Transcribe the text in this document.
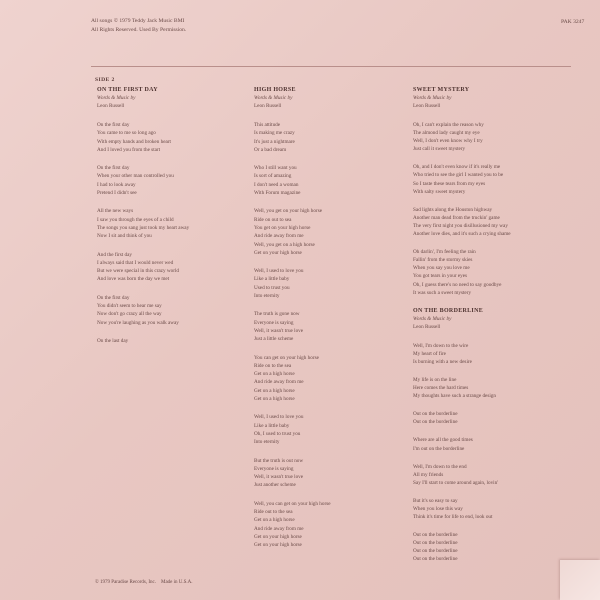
All songs © 1979 Teddy Jack Music BMI
All Rights Reserved. Used By Permission.
PAK 3247
SIDE 2
ON THE FIRST DAY
Words & Music by
Leon Russell
On the first day
You came to me so long ago
With empty hands and broken heart
And I loved you from the start
On the first day
When your other man controlled you
I had to look away
Pretend I didn't see
All the new ways
I saw you through the eyes of a child
The songs you sang just took my heart away
Now I sit and think of you
And the first day
I always said that I would never wed
But we were special in this crazy world
And love was born the day we met
On the first day
You didn't seem to hear me say
Now don't go crazy all the way
Now you're laughing as you walk away
On the last day
HIGH HORSE
Words & Music by
Leon Russell
This attitude
Is making me crazy
It's just a nightmare
Or a bad dream
Who I still want you
Is sort of amazing
I don't need a woman
With Forum magazine
Well, you get on your high horse
Ride on out to sea
You get on your high horse
And ride away from me
Well, you get on a high horse
Get on your high horse
Well, I used to love you
Like a little baby
Used to trust you
Into eternity
The truth is gone now
Everyone is saying
Well, it wasn't true love
Just a little scheme
You can get on your high horse
Ride on to the sea
Get on a high horse
And ride away from me
Get on a high horse
Get on a high horse
Well, I used to love you
Like a little baby
Oh, I used to trust you
Into eternity
But the truth is out now
Everyone is saying
Well, it wasn't true love
Just another scheme
Well, you can get on your high horse
Ride out to the sea
Get on a high horse
And ride away from me
Get on your high horse
Get on your high horse
SWEET MYSTERY
Words & Music by
Leon Russell
Oh, I can't explain the reason why
The almond lady caught my eye
Well, I don't even know why I try
Just call it sweet mystery
Oh, and I don't even know if it's really me
Who tried to see the girl I wanted you to be
So I taste these tears from my eyes
With salty sweet mystery
Sad lights along the Houston highway
Another man dead from the truckin' game
The very first night you disillusioned my way
Another love dies, and it's such a crying shame
Oh darlin', I'm feeling the rain
Fallin' from the stormy skies
When you say you love me
You got tears in your eyes
Oh, I guess there's no need to say goodbye
It was such a sweet mystery
ON THE BORDERLINE
Words & Music by
Leon Russell
Well, I'm down to the wire
My heart of fire
Is burning with a new desire
My life is on the line
Here comes the hard times
My thoughts have such a strange design
Out on the borderline
Out on the borderline
Where are all the good times
I'm out on the borderline
Well, I'm down to the end
All my friends
Say I'll start to come around again, lovin'
But it's so easy to say
When you lose this way
Think it's time for life to end, look out
Out on the borderline
Out on the borderline
Out on the borderline
Out on the borderline
© 1979 Paradise Records, Inc.    Made in U.S.A.
